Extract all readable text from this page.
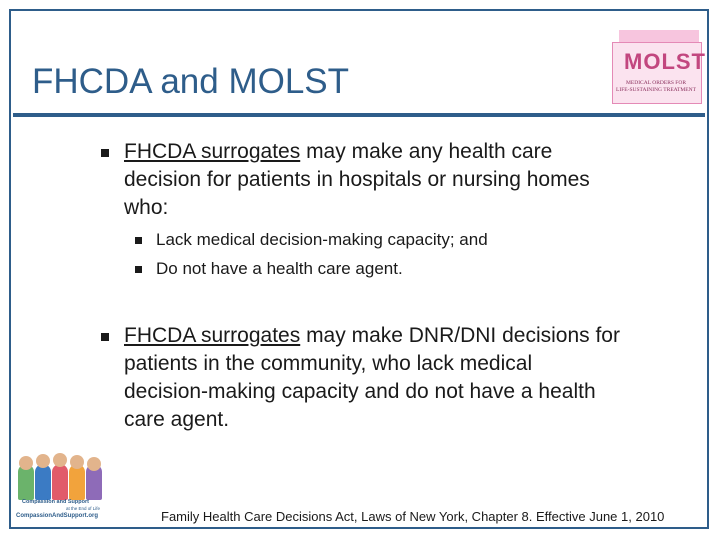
FHCDA and MOLST
MOLST
MEDICAL ORDERS FOR
LIFE-SUSTAINING TREATMENT
FHCDA surrogates may make any health care decision for patients in hospitals or nursing homes who:
Lack medical decision-making capacity; and
Do not have a health care agent.
FHCDA surrogates may make DNR/DNI decisions for patients in the community, who lack medical decision-making capacity and do not have a health care agent.
Compassion and Support
at the End of Life
CompassionAndSupport.org	Family Health Care Decisions Act, Laws of New York, Chapter 8. Effective June 1, 2010
